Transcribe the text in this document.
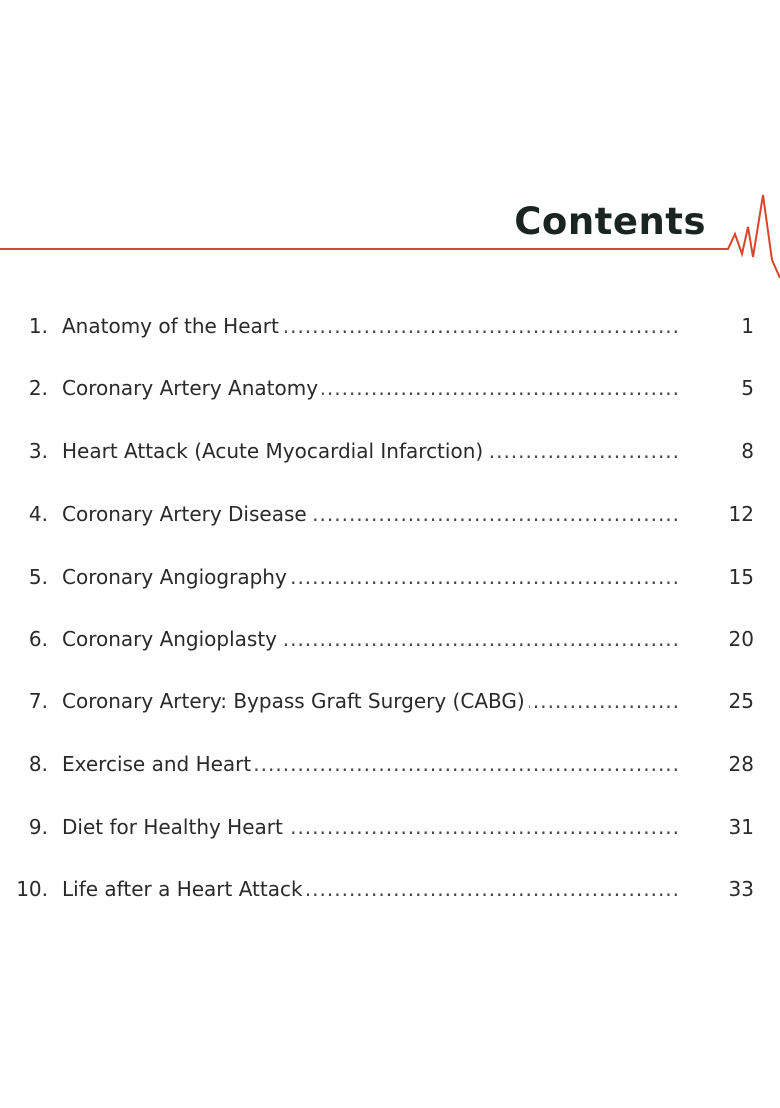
Contents
1. Anatomy of the Heart .....	1
2. Coronary Artery Anatomy .....	5
3. Heart Attack (Acute Myocardial Infarction) .....	8
4. Coronary Artery Disease .....	12
5. Coronary Angiography .....	15
6. Coronary Angioplasty .....	20
7. Coronary Artery: Bypass Graft Surgery (CABG) .....	25
8. Exercise and Heart .....	28
9. Diet for Healthy Heart .....	31
10. Life after a Heart Attack .....	33
